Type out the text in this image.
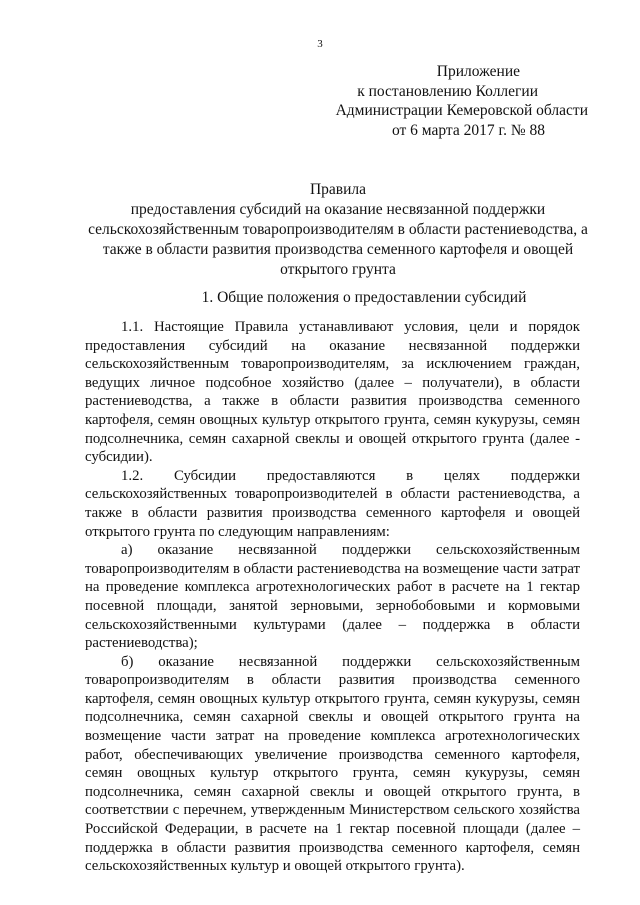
3
Приложение
к постановлению Коллегии
Администрации Кемеровской области
от 6 марта 2017 г. № 88
Правила
предоставления субсидий на оказание несвязанной поддержки сельскохозяйственным товаропроизводителям в области растениеводства, а также в области развития производства семенного картофеля и овощей открытого грунта
1. Общие положения о предоставлении субсидий

1.1. Настоящие Правила устанавливают условия, цели и порядок предоставления субсидий на оказание несвязанной поддержки сельскохозяйственным товаропроизводителям, за исключением граждан, ведущих личное подсобное хозяйство (далее – получатели), в области растениеводства, а также в области развития производства семенного картофеля, семян овощных культур открытого грунта, семян кукурузы, семян подсолнечника, семян сахарной свеклы и овощей открытого грунта (далее - субсидии).

1.2. Субсидии предоставляются в целях поддержки сельскохозяйственных товаропроизводителей в области растениеводства, а также в области развития производства семенного картофеля и овощей открытого грунта по следующим направлениям:

а) оказание несвязанной поддержки сельскохозяйственным товаропроизводителям в области растениеводства на возмещение части затрат на проведение комплекса агротехнологических работ в расчете на 1 гектар посевной площади, занятой зерновыми, зернобобовыми и кормовыми сельскохозяйственными культурами (далее – поддержка в области растениеводства);

б) оказание несвязанной поддержки сельскохозяйственным товаропроизводителям в области развития производства семенного картофеля, семян овощных культур открытого грунта, семян кукурузы, семян подсолнечника, семян сахарной свеклы и овощей открытого грунта на возмещение части затрат на проведение комплекса агротехнологических работ, обеспечивающих увеличение производства семенного картофеля, семян овощных культур открытого грунта, семян кукурузы, семян подсолнечника, семян сахарной свеклы и овощей открытого грунта, в соответствии с перечнем, утвержденным Министерством сельского хозяйства Российской Федерации, в расчете на 1 гектар посевной площади (далее – поддержка в области развития производства семенного картофеля, семян сельскохозяйственных культур и овощей открытого грунта).
